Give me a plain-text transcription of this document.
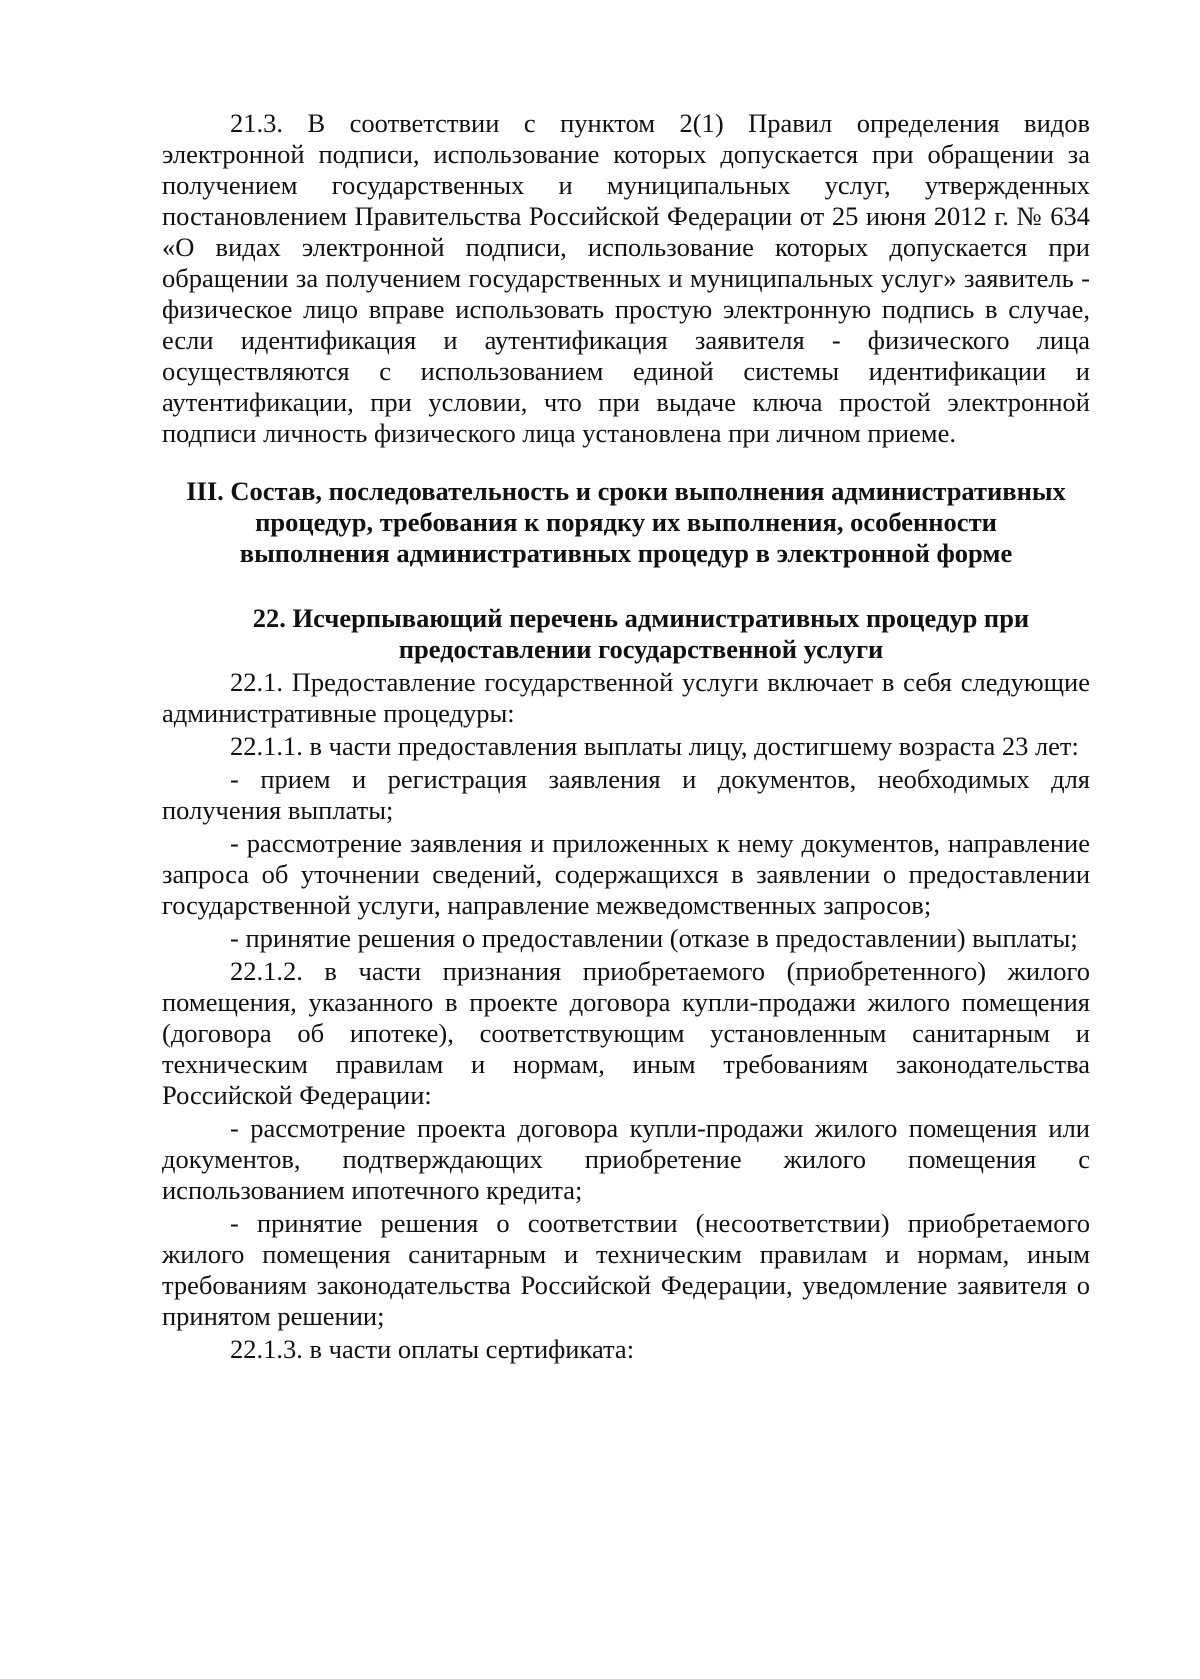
21.3. В соответствии с пунктом 2(1) Правил определения видов электронной подписи, использование которых допускается при обращении за получением государственных и муниципальных услуг, утвержденных постановлением Правительства Российской Федерации от 25 июня 2012 г. № 634 «О видах электронной подписи, использование которых допускается при обращении за получением государственных и муниципальных услуг» заявитель - физическое лицо вправе использовать простую электронную подпись в случае, если идентификация и аутентификация заявителя - физического лица осуществляются с использованием единой системы идентификации и аутентификации, при условии, что при выдаче ключа простой электронной подписи личность физического лица установлена при личном приеме.

III. Состав, последовательность и сроки выполнения административных процедур, требования к порядку их выполнения, особенности выполнения административных процедур в электронной форме

22. Исчерпывающий перечень административных процедур при предоставлении государственной услуги

22.1. Предоставление государственной услуги включает в себя следующие административные процедуры:

22.1.1. в части предоставления выплаты лицу, достигшему возраста 23 лет:

- прием и регистрация заявления и документов, необходимых для получения выплаты;

- рассмотрение заявления и приложенных к нему документов, направление запроса об уточнении сведений, содержащихся в заявлении о предоставлении государственной услуги, направление межведомственных запросов;

- принятие решения о предоставлении (отказе в предоставлении) выплаты;

22.1.2. в части признания приобретаемого (приобретенного) жилого помещения, указанного в проекте договора купли-продажи жилого помещения (договора об ипотеке), соответствующим установленным санитарным и техническим правилам и нормам, иным требованиям законодательства Российской Федерации:

- рассмотрение проекта договора купли-продажи жилого помещения или документов, подтверждающих приобретение жилого помещения с использованием ипотечного кредита;

- принятие решения о соответствии (несоответствии) приобретаемого жилого помещения санитарным и техническим правилам и нормам, иным требованиям законодательства Российской Федерации, уведомление заявителя о принятом решении;

22.1.3. в части оплаты сертификата:
